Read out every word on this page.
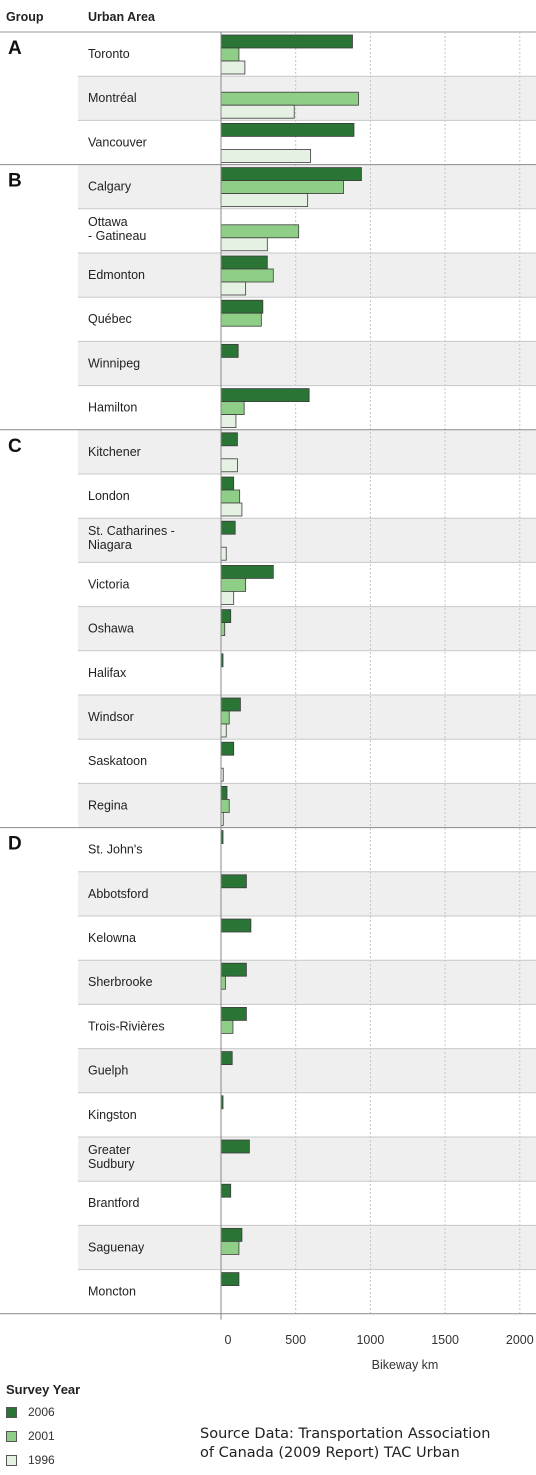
Group	Urban Area
A	Toronto
Montréal
Vancouver
B	Calgary
Ottawa - Gatineau
Edmonton
Québec
Winnipeg
Hamilton
C	Kitchener
London
St. Catharines -Niagara
Victoria
Oshawa
Halifax
Windsor
Saskatoon
Regina
D	St. John's
Abbotsford
Kelowna
Sherbrooke
Trois-Rivières
Guelph
Kingston
Greater Sudbury
Brantford
Saguenay
Moncton
0	500	1000	1500	2000
Bikeway km
Survey Year
2006
2001
1996
Source Data: Transportation Association
of Canada (2009 Report) TAC Urban
